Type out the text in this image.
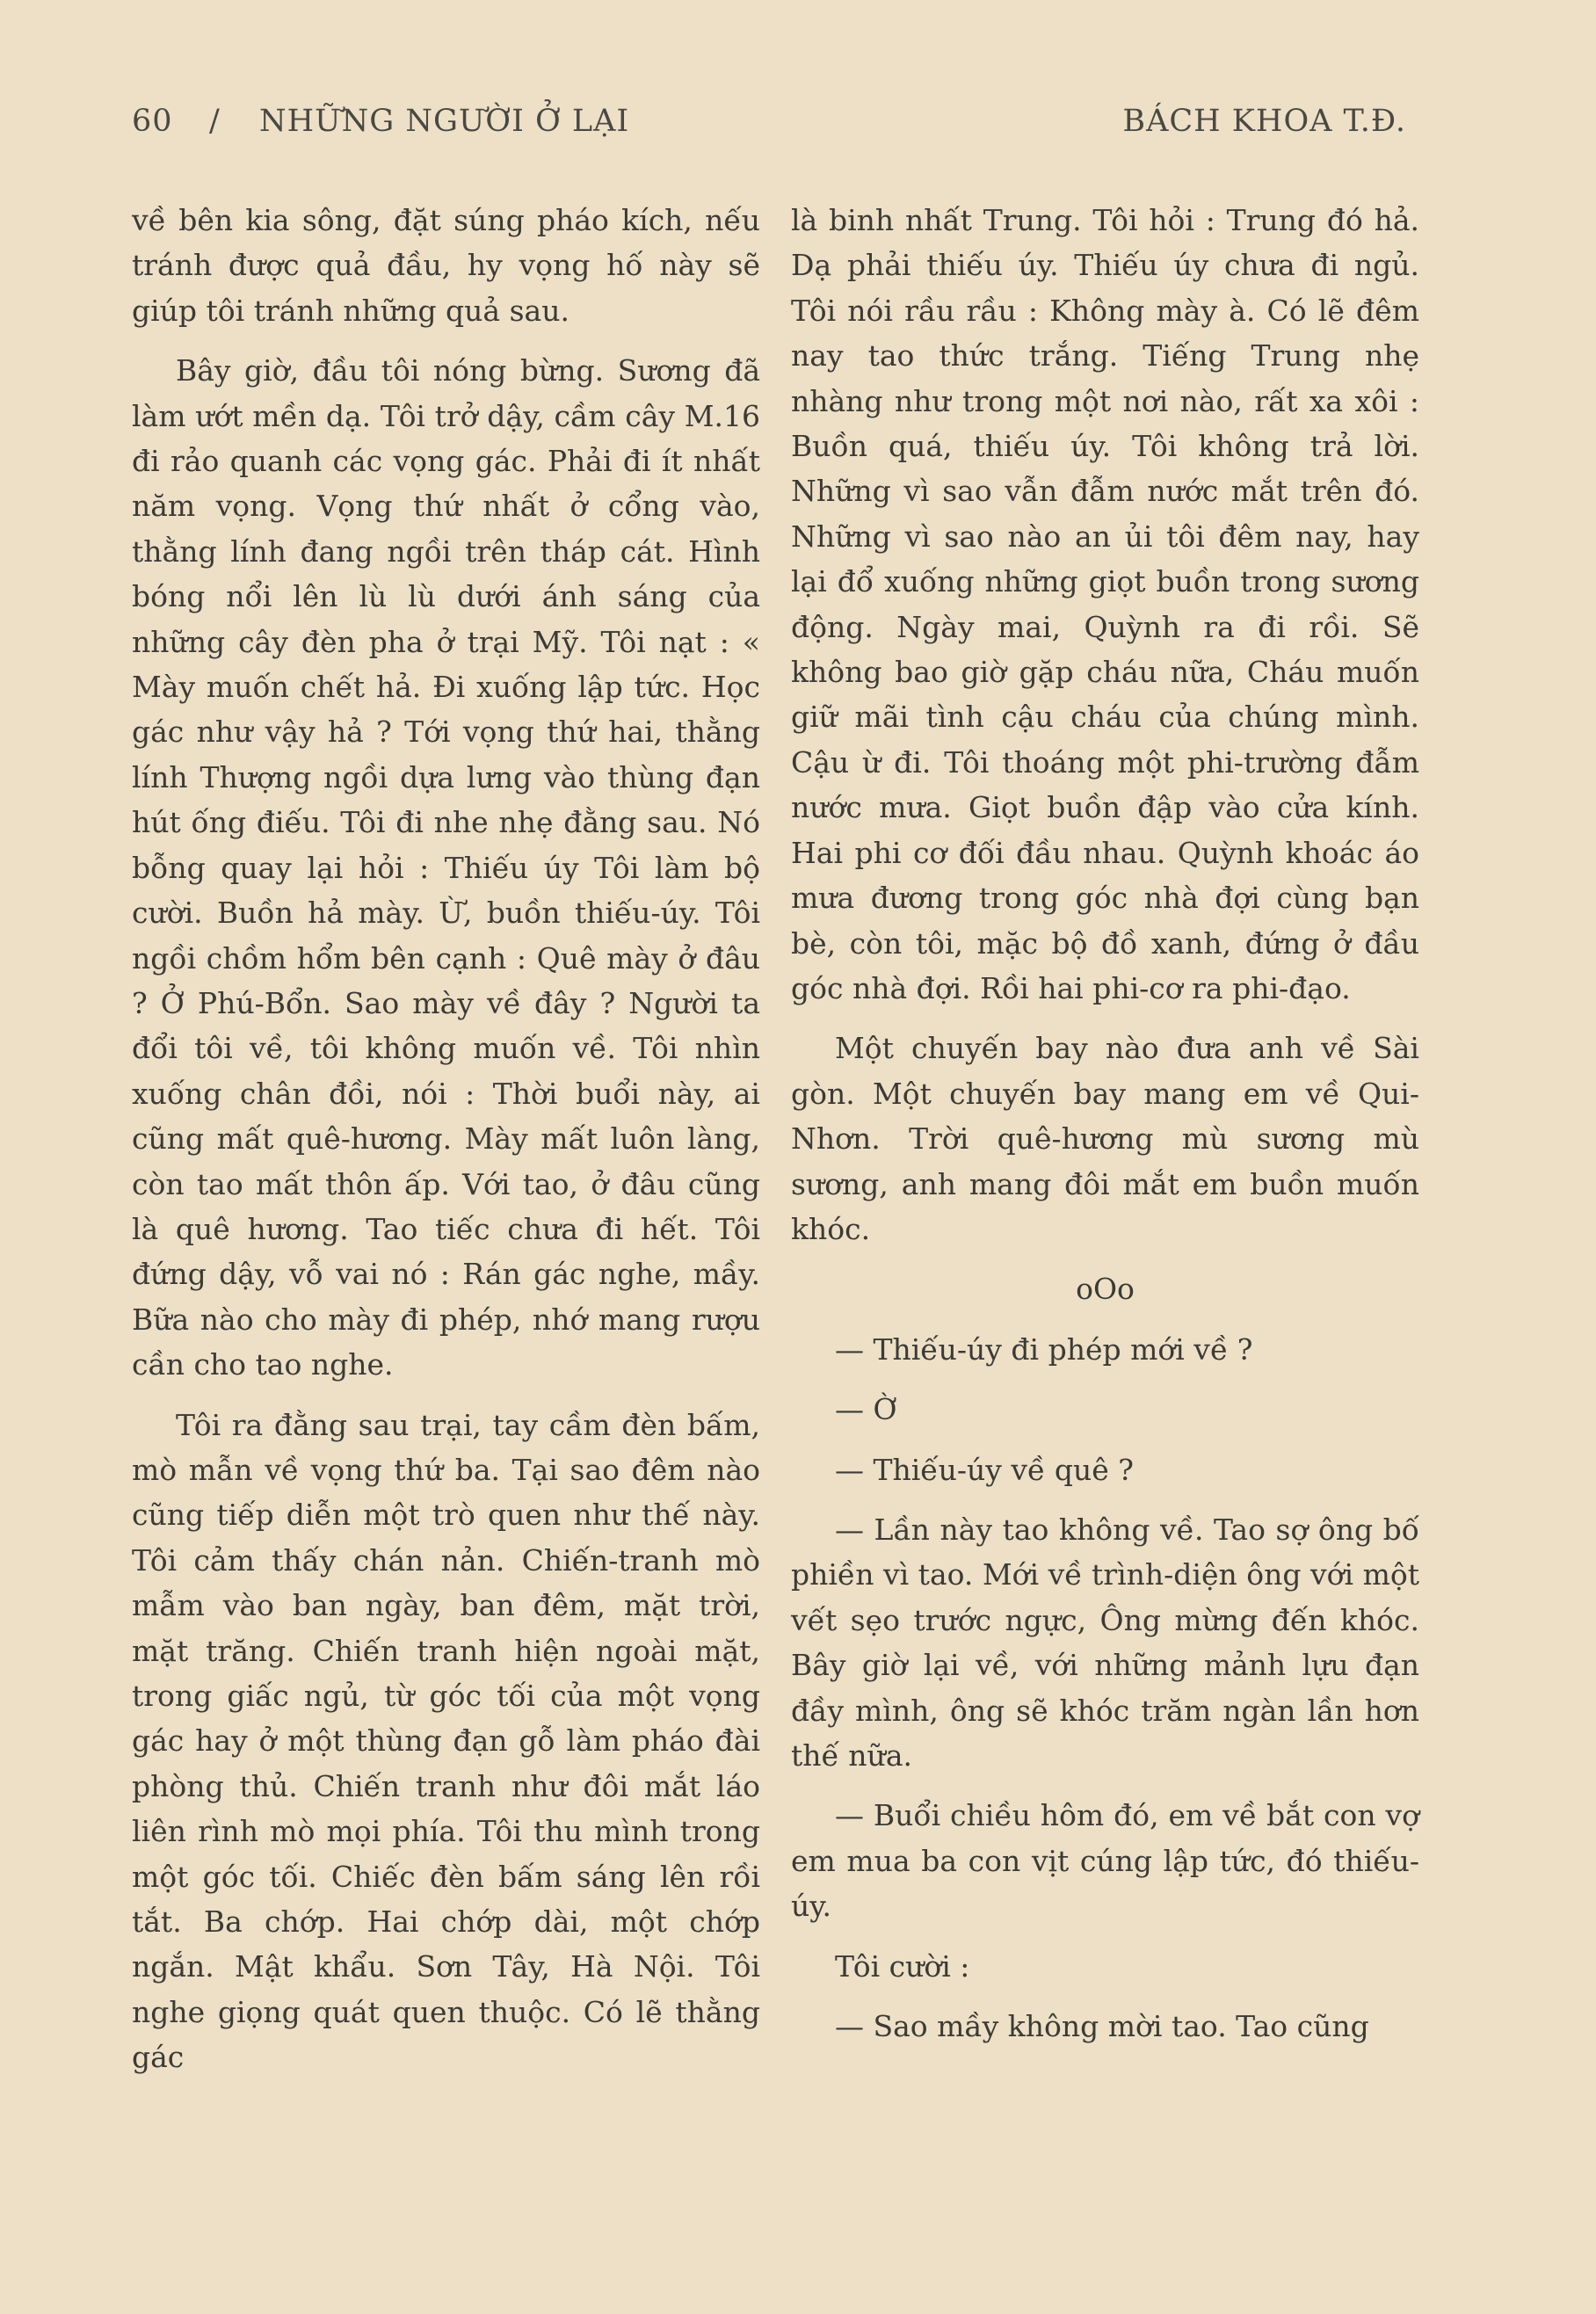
60 / NHỮNG NGƯỜI Ở LẠI	BÁCH KHOA T.Đ.

về bên kia sông, đặt súng pháo kích, nếu tránh được quả đầu, hy vọng hố này sẽ giúp tôi tránh những quả sau.

Bây giờ, đầu tôi nóng bừng. Sương đã làm ướt mền dạ. Tôi trở dậy, cầm cây M.16 đi rảo quanh các vọng gác. Phải đi ít nhất năm vọng. Vọng thứ nhất ở cổng vào, thằng lính đang ngồi trên tháp cát. Hình bóng nổi lên lù lù dưới ánh sáng của những cây đèn pha ở trại Mỹ. Tôi nạt : « Mày muốn chết hả. Đi xuống lập tức. Học gác như vậy hả ? Tới vọng thứ hai, thằng lính Thượng ngồi dựa lưng vào thùng đạn hút ống điếu. Tôi đi nhe nhẹ đằng sau. Nó bỗng quay lại hỏi : Thiếu úy Tôi làm bộ cười. Buồn hả mày. Ừ, buồn thiếu-úy. Tôi ngồi chồm hổm bên cạnh : Quê mày ở đâu ? Ở Phú-Bổn. Sao mày về đây ? Người ta đổi tôi về, tôi không muốn về. Tôi nhìn xuống chân đồi, nói : Thời buổi này, ai cũng mất quê-hương. Mày mất luôn làng, còn tao mất thôn ấp. Với tao, ở đâu cũng là quê hương. Tao tiếc chưa đi hết. Tôi đứng dậy, vỗ vai nó : Rán gác nghe, mầy. Bữa nào cho mày đi phép, nhớ mang rượu cần cho tao nghe.

Tôi ra đằng sau trại, tay cầm đèn bấm, mò mẫn về vọng thứ ba. Tại sao đêm nào cũng tiếp diễn một trò quen như thế này. Tôi cảm thấy chán nản. Chiến-tranh mò mẫm vào ban ngày, ban đêm, mặt trời, mặt trăng. Chiến tranh hiện ngoài mặt, trong giấc ngủ, từ góc tối của một vọng gác hay ở một thùng đạn gỗ làm pháo đài phòng thủ. Chiến tranh như đôi mắt láo liên rình mò mọi phía. Tôi thu mình trong một góc tối. Chiếc đèn bấm sáng lên rồi tắt. Ba chớp. Hai chớp dài, một chớp ngắn. Mật khẩu. Sơn Tây, Hà Nội. Tôi nghe giọng quát quen thuộc. Có lẽ thằng gác

là binh nhất Trung. Tôi hỏi : Trung đó hả. Dạ phải thiếu úy. Thiếu úy chưa đi ngủ. Tôi nói rầu rầu : Không mày à. Có lẽ đêm nay tao thức trắng. Tiếng Trung nhẹ nhàng như trong một nơi nào, rất xa xôi : Buồn quá, thiếu úy. Tôi không trả lời. Những vì sao vẫn đẫm nước mắt trên đó. Những vì sao nào an ủi tôi đêm nay, hay lại đổ xuống những giọt buồn trong sương động. Ngày mai, Quỳnh ra đi rồi. Sẽ không bao giờ gặp cháu nữa, Cháu muốn giữ mãi tình cậu cháu của chúng mình. Cậu ừ đi. Tôi thoáng một phi-trường đẫm nước mưa. Giọt buồn đập vào cửa kính. Hai phi cơ đối đầu nhau. Quỳnh khoác áo mưa đương trong góc nhà đợi cùng bạn bè, còn tôi, mặc bộ đồ xanh, đứng ở đầu góc nhà đợi. Rồi hai phi-cơ ra phi-đạo.

Một chuyến bay nào đưa anh về Sài gòn. Một chuyến bay mang em về Qui-Nhơn. Trời quê-hương mù sương mù sương, anh mang đôi mắt em buồn muốn khóc.

oOo

— Thiếu-úy đi phép mới về ?

— Ờ

— Thiếu-úy về quê ?

— Lần này tao không về. Tao sợ ông bố phiền vì tao. Mới về trình-diện ông với một vết sẹo trước ngực, Ông mừng đến khóc. Bây giờ lại về, với những mảnh lựu đạn đầy mình, ông sẽ khóc trăm ngàn lần hơn thế nữa.

— Buổi chiều hôm đó, em về bắt con vợ em mua ba con vịt cúng lập tức, đó thiếu-úy.

Tôi cười :

— Sao mầy không mời tao. Tao cũng
